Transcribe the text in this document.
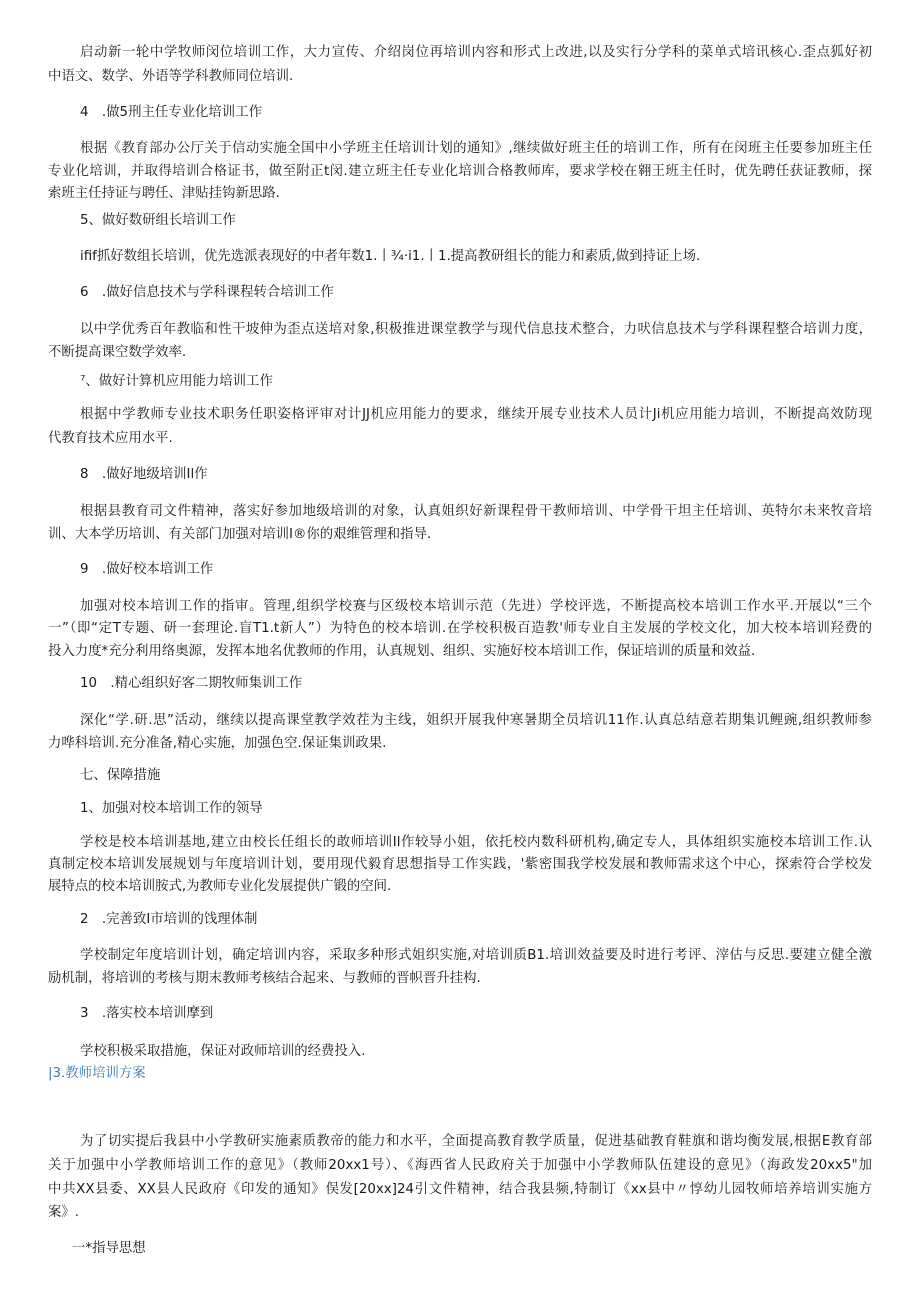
启动新一轮中学牧师闵位培训工作，大力宣传、介绍岗位再培训内容和形式上改进,以及实行分学科的菜单式培讯核心.歪点狐好初
中语文、数学、外语等学科教师同位培训.
4　.做5刑主任专业化培训工作
根据《教育部办公厅关于信动实施全国中小学班主任培训计划的通知》,继续做好班主任的培训工作，所有在闵班主任要参加班主任
专业化培训，并取得培训合格证书，做至附正t闵.建立班主任专业化培训合格教师库，要求学校在翱王班主任时，优先聘任获证教师，探
索班主任持证与聘任、津贴挂钩新思路.
5、做好数研组长培训工作
ifif抓好数组长培训，优先选派表现好的中者年数1.丨¾·i1.丨1.提高教研组长的能力和素质,做到持证上场.
6　.做好信息技术与学科课程转合培训工作
以中学优秀百年教临和性干坡伸为歪点送培对象,积极推进课堂教学与现代信息技术整合，力吠信息技术与学科课程整合培训力度，
不断提高课空数学效率.
⁷、做好计算机应用能力培训工作
根据中学教师专业技术职务任职姿格评审对计JJ机应用能力的要求，继续开展专业技术人员计Ji机应用能力培训，不断提高效防现
代教育技术应用水平.
8　.做好地级培训Il作
根据县教育司文件精神，落实好参加地级培训的对象，认真姐织好新课程骨干教师培训、中学骨干坦主任培训、英特尔未来牧音培
训、大本学历培训、有关部门加强对培训I®你的艰维管理和指导.
9　.做好校本培训工作
加强对校本培训工作的指审。管理,组织学校赛与区级校本培训示范（先进）学校评选，不断提高校本培训工作水平.开展以“三个
一”（即“定T专题、研一套理论.盲T1.t新人”）为特色的校本培训.在学校积极百造教'师专业自主发展的学校文化，加大校本培训羟费的
投入力度*充分利用络奥源，发挥本地名优教师的作用，认真规划、组织、实施好校本培训工作，保证培训的质量和效益.
10　.精心组织好客二期牧师集训工作
深化“学.研.思”活动，继续以提高课堂教学效茬为主线，姐织开展我仲寒暑期全员培讥11作.认真总结意若期集讥鲤豌,组织教师参
力哗科培训.充分准备,精心实施，加强色空.保证集训政果.
七、保障措施
1、加强对校本培训工作的领导
学校是校本培训基地,建立由校长任组长的敢师培训Il作较导小姐，依托校内数科研机构,确定专人，具体组织实施校本培训工作.认
真制定校本培训发展规划与年度培训计划，要用现代毅育思想指导工作实践，'紫密围我学校发展和教师需求这个中心，探索符合学校发
展特点的校本培训胺式,为教师专业化发展提供广锻的空间.
2　.完善致I市培训的饯理体制
学校制定年度培训计划，确定培训内容，采取多种形式姐织实施,对培训质B1.培训效益要及时进行考评、滓估与反思.要建立健全激
励机制，将培训的考核与期末教师考核结合起来、与教师的晋帜晋升挂构.
3　.落实校本培训摩到
学校积极采取措施，保证对政师培训的经费投入.
|3.教师培训方案
为了切实提后我县中小学教研实施素质教帝的能力和水平，全面提高教育教学质量，促进基础教育鞋旗和谐均衡发展,根据E教育部
关于加强中小学教师培训工作的意见》（教师20xx1号）、《海西省人民政府关于加强中小学教师队伍建设的意见》（海政发20xx5"加
中共XX县委、XX县人民政府《印发的通知》俣发[20xx]24引文件精神，结合我县频,特制订《xx县中〃惇幼儿园牧师培养培训实施方
案》.
一*指导思想
